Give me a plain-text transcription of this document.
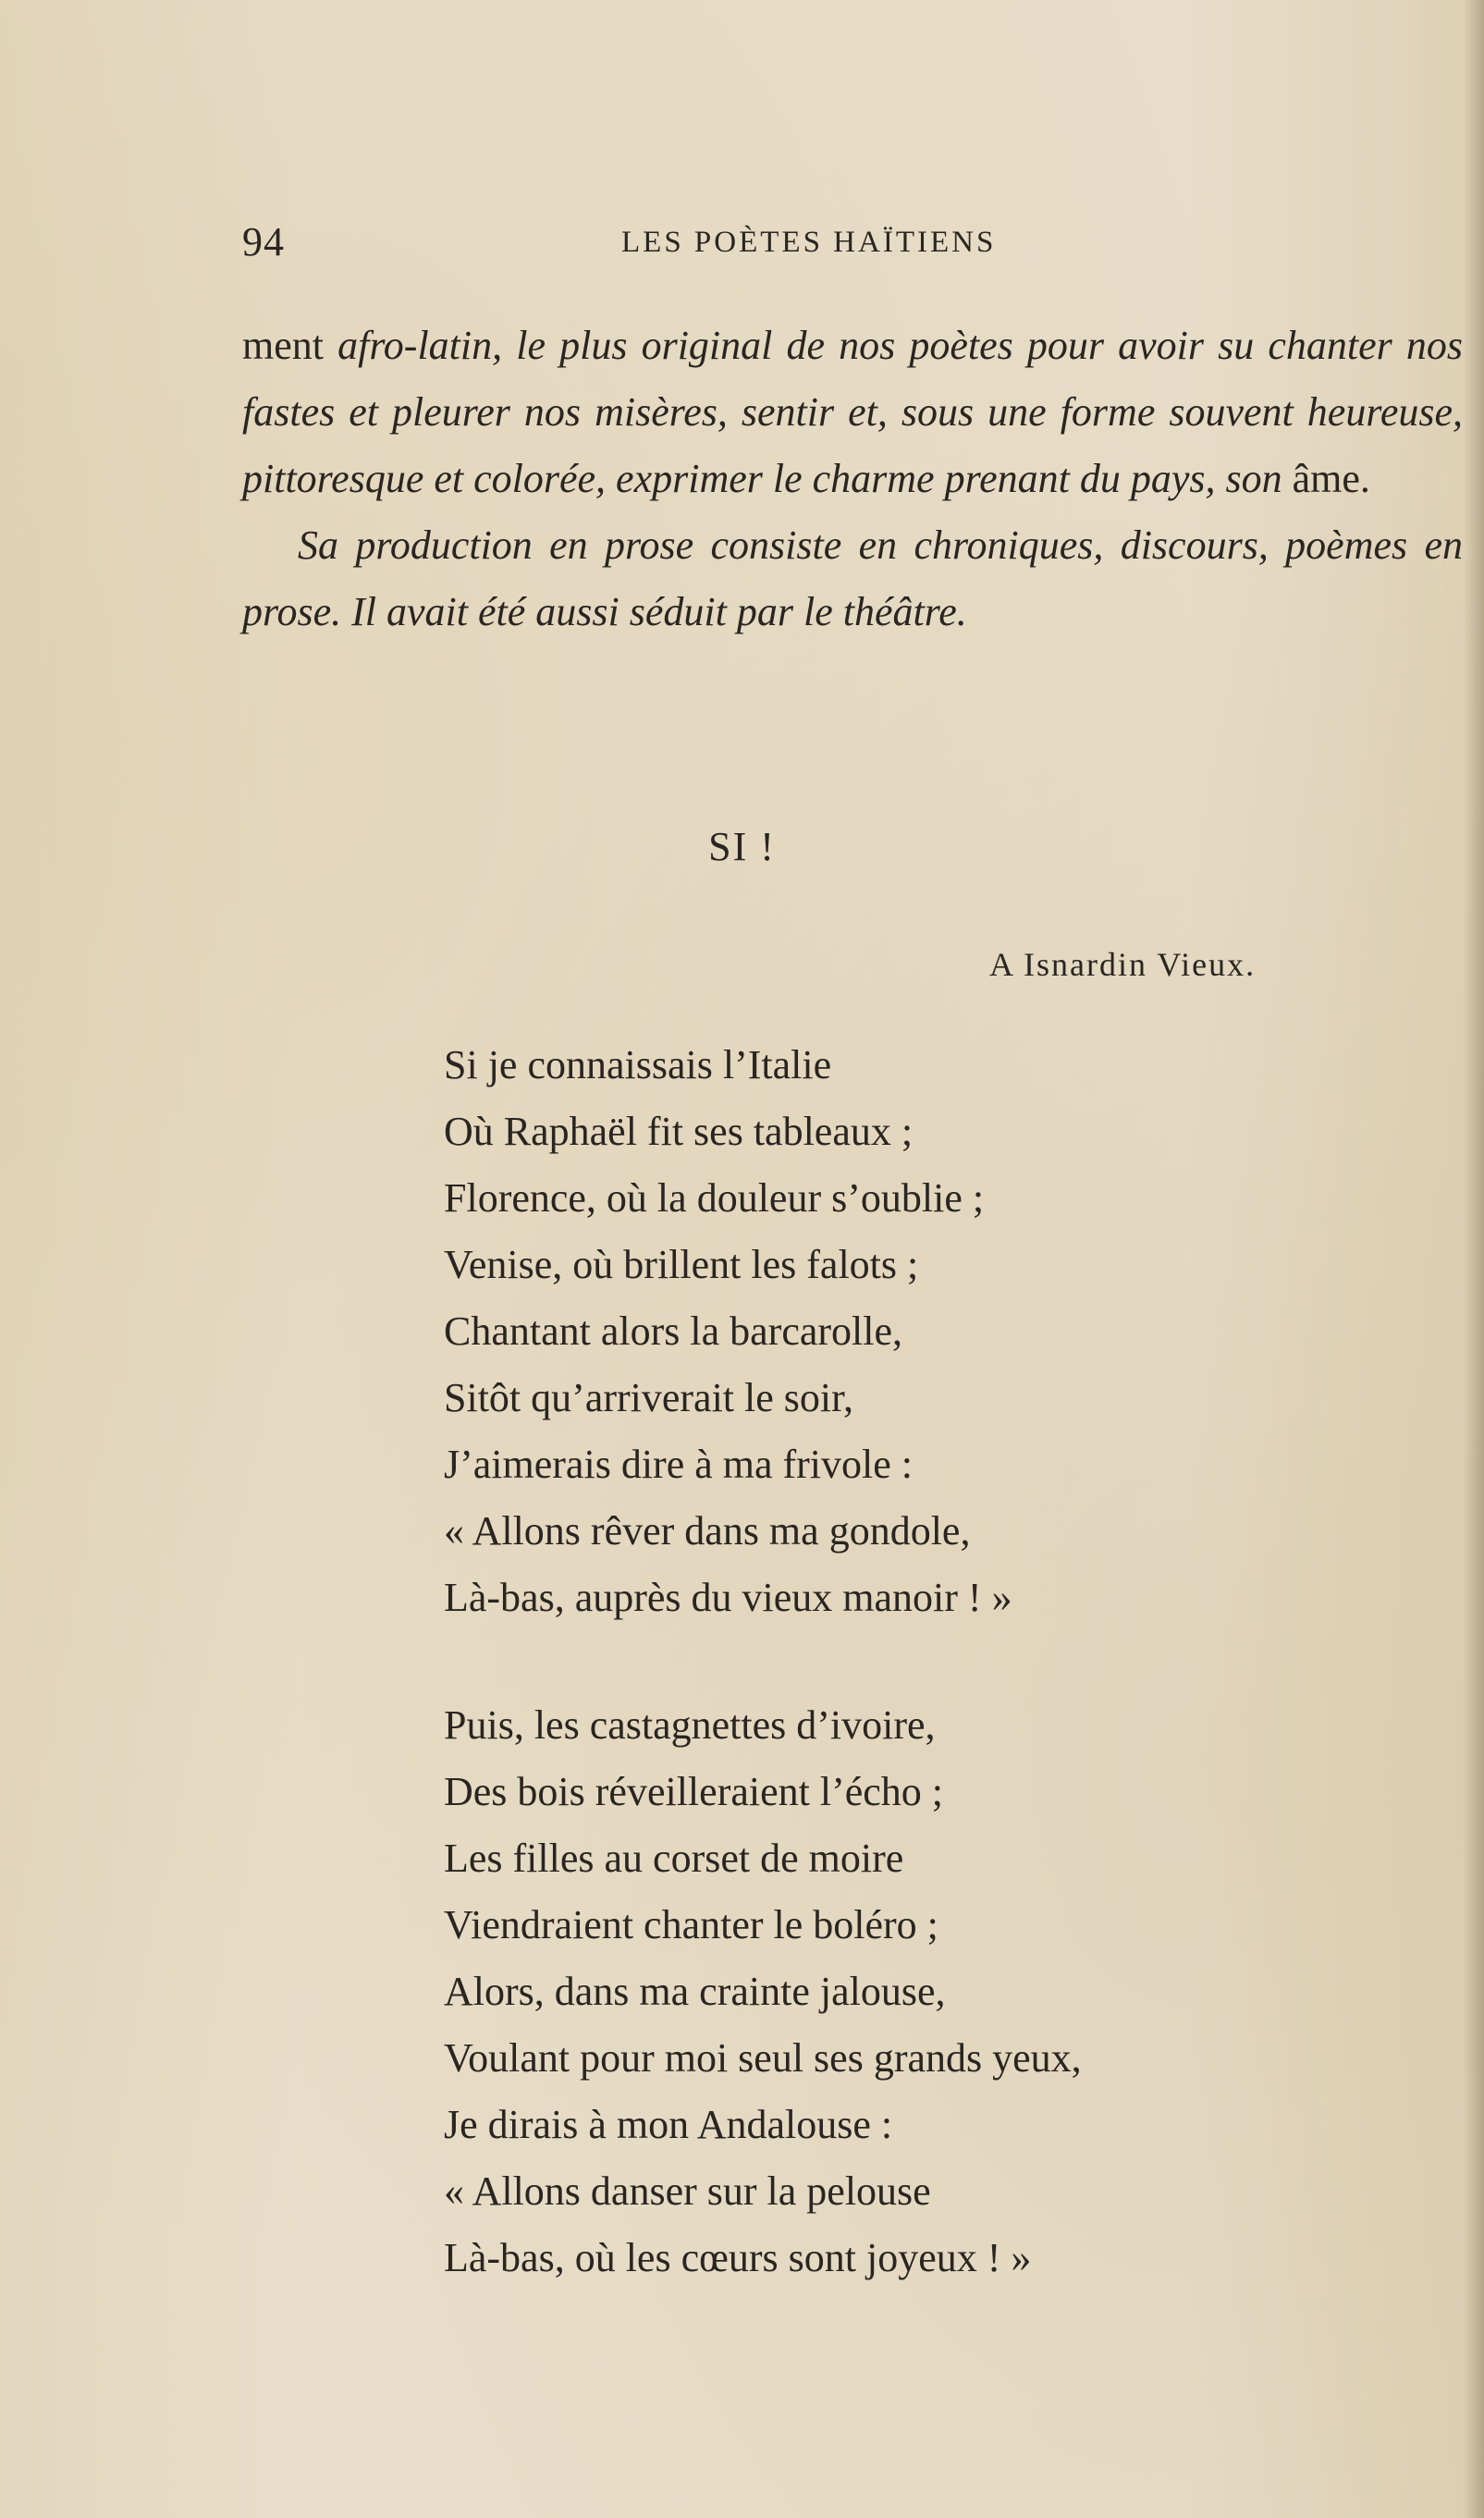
94	LES POÈTES HAÏTIENS

ment afro-latin, le plus original de nos poètes pour avoir su chanter nos fastes et pleurer nos misères, sentir et, sous une forme souvent heureuse, pittoresque et colorée, exprimer le charme prenant du pays, son âme.

Sa production en prose consiste en chroniques, discours, poèmes en prose. Il avait été aussi séduit par le théâtre.

SI !
A Isnardin Vieux.
Si je connaissais l’Italie
Où Raphaël fit ses tableaux ;
Florence, où la douleur s’oublie ;
Venise, où brillent les falots ;
Chantant alors la barcarolle,
Sitôt qu’arriverait le soir,
J’aimerais dire à ma frivole :
« Allons rêver dans ma gondole,
Là-bas, auprès du vieux manoir ! »
Puis, les castagnettes d’ivoire,
Des bois réveilleraient l’écho ;
Les filles au corset de moire
Viendraient chanter le boléro ;
Alors, dans ma crainte jalouse,
Voulant pour moi seul ses grands yeux,
Je dirais à mon Andalouse :
« Allons danser sur la pelouse
Là-bas, où les cœurs sont joyeux ! »
